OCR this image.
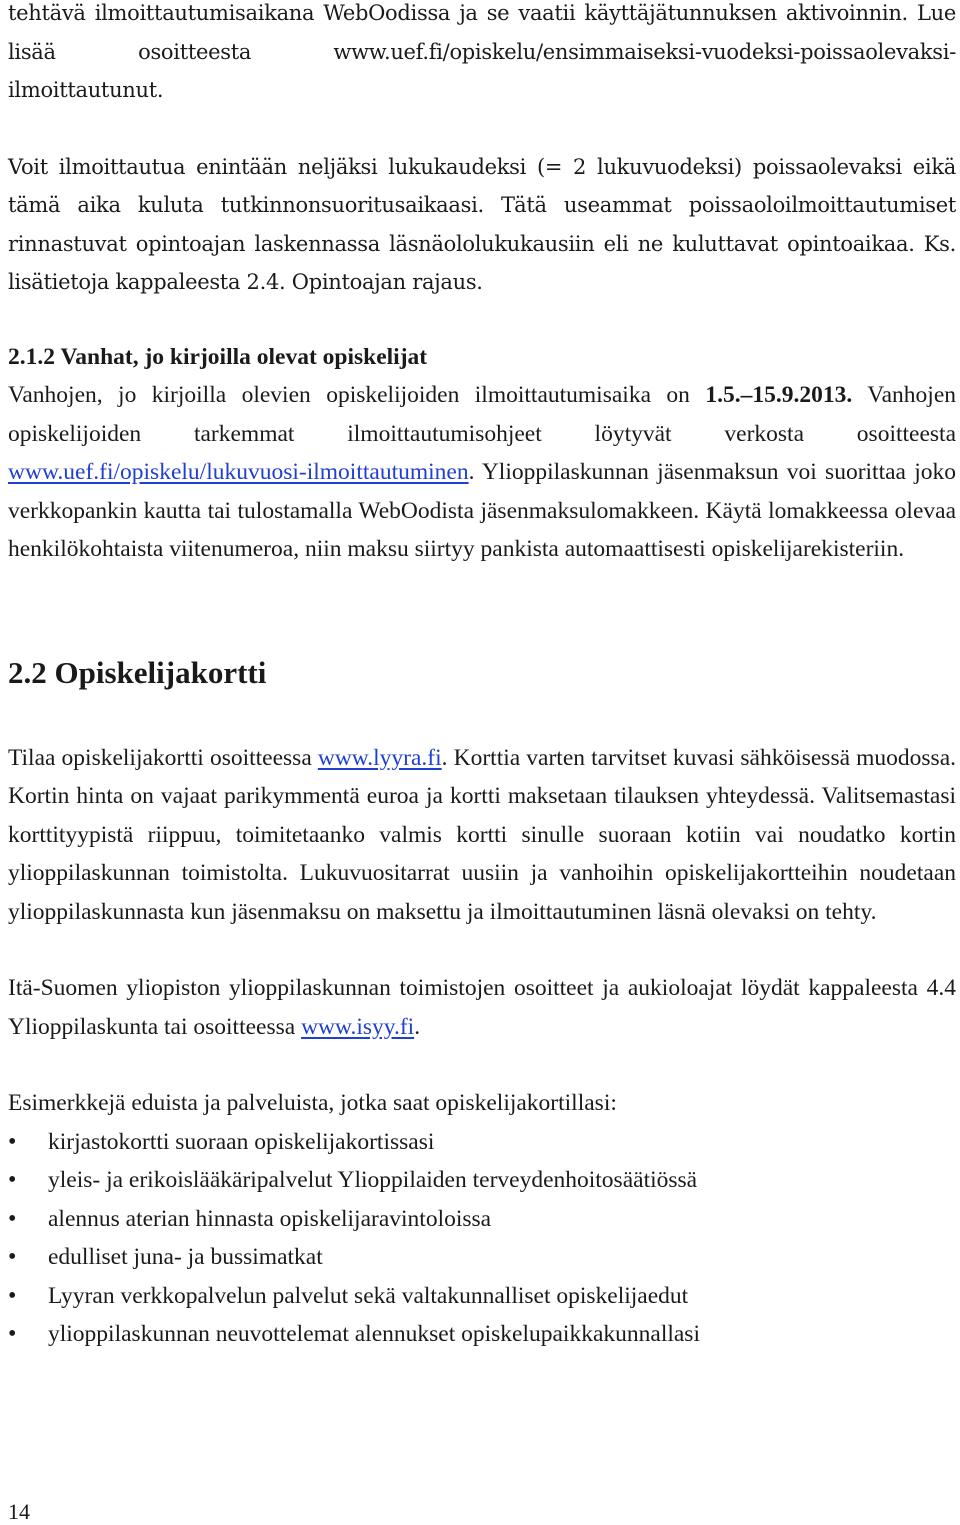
tehtävä ilmoittautumisaikana WebOodissa ja se vaatii käyttäjätunnuksen aktivoinnin. Lue lisää osoitteesta www.uef.fi/opiskelu/ensimmaiseksi-vuodeksi-poissaolevaksi-ilmoittautunut.

Voit ilmoittautua enintään neljäksi lukukaudeksi (= 2 lukuvuodeksi) poissaolevaksi eikä tämä aika kuluta tutkinnonsuoritusaikaasi. Tätä useammat poissaoloilmoittautumiset rinnastuvat opintoajan laskennassa läsnäololukukausiin eli ne kuluttavat opintoaikaa. Ks. lisätietoja kappaleesta 2.4. Opintoajan rajaus.

2.1.2 Vanhat, jo kirjoilla olevat opiskelijat

Vanhojen, jo kirjoilla olevien opiskelijoiden ilmoittautumisaika on 1.5.–15.9.2013. Vanhojen opiskelijoiden tarkemmat ilmoittautumisohjeet löytyvät verkosta osoitteesta www.uef.fi/opiskelu/lukuvuosi-ilmoittautuminen. Ylioppilaskunnan jäsenmaksun voi suorittaa joko verkkopankin kautta tai tulostamalla WebOodista jäsenmaksulomakkeen. Käytä lomakkeessa olevaa henkilökohtaista viitenumeroa, niin maksu siirtyy pankista automaattisesti opiskelijarekisteriin.

2.2 Opiskelijakortti

Tilaa opiskelijakortti osoitteessa www.lyyra.fi. Korttia varten tarvitset kuvasi sähköisessä muodossa. Kortin hinta on vajaat parikymmentä euroa ja kortti maksetaan tilauksen yhteydessä. Valitsemastasi korttityypistä riippuu, toimitetaanko valmis kortti sinulle suoraan kotiin vai noudatko kortin ylioppilaskunnan toimistolta. Lukuvuositarrat uusiin ja vanhoihin opiskelijakortteihin noudetaan ylioppilaskunnasta kun jäsenmaksu on maksettu ja ilmoittautuminen läsnä olevaksi on tehty.

Itä-Suomen yliopiston ylioppilaskunnan toimistojen osoitteet ja aukioloajat löydät kappaleesta 4.4 Ylioppilaskunta tai osoitteessa www.isyy.fi.

Esimerkkejä eduista ja palveluista, jotka saat opiskelijakortillasi:

• kirjastokortti suoraan opiskelijakortissasi
• yleis- ja erikoislääkäripalvelut Ylioppilaiden terveydenhoitosäätiössä
• alennus aterian hinnasta opiskelijaravintoloissa
• edulliset juna- ja bussimatkat
• Lyyran verkkopalvelun palvelut sekä valtakunnalliset opiskelijaedut
• ylioppilaskunnan neuvottelemat alennukset opiskelupaikkakunnallasi
14
